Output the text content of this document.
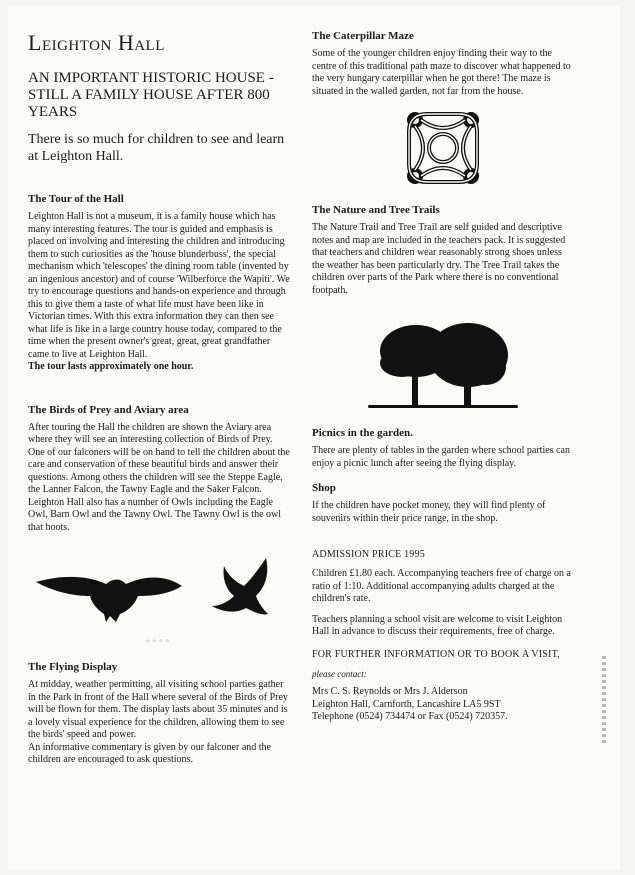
Leighton Hall
AN IMPORTANT HISTORIC HOUSE - STILL A FAMILY HOUSE AFTER 800 YEARS
There is so much for children to see and learn at Leighton Hall.
The Tour of the Hall

Leighton Hall is not a museum, it is a family house which has many interesting features. The tour is guided and emphasis is placed on involving and interesting the children and introducing them to such curiosities as the 'house blunderbuss', the special mechanism which 'telescopes' the dining room table (invented by an ingenious ancestor) and of course 'Wilberforce the Wapiti'. We try to encourage questions and hands-on experience and through this to give them a taste of what life must have been like in Victorian times. With this extra information they can then see what life is like in a large country house today, compared to the time when the present owner's great, great, great grandfather came to live at Leighton Hall.

The tour lasts approximately one hour.

The Birds of Prey and Aviary area

After touring the Hall the children are shown the Aviary area where they will see an interesting collection of Birds of Prey. One of our falconers will be on hand to tell the children about the care and conservation of these beautiful birds and answer their questions. Among others the children will see the Steppe Eagle, the Lanner Falcon, the Tawny Eagle and the Saker Falcon. Leighton Hall also has a number of Owls including the Eagle Owl, Barn Owl and the Tawny Owl. The Tawny Owl is the owl that hoots.

◦◦◦◦
The Flying Display

At midday, weather permitting, all visiting school parties gather in the Park in front of the Hall where several of the Birds of Prey will be flown for them. The display lasts about 35 minutes and is a lovely visual experience for the children, allowing them to see the birds' speed and power.

An informative commentary is given by our falconer and the children are encouraged to ask questions.

The Caterpillar Maze

Some of the younger children enjoy finding their way to the centre of this traditional path maze to discover what happened to the very hungary caterpillar when he got there! The maze is situated in the walled garden, not far from the house.

The Nature and Tree Trails

The Nature Trail and Tree Trail are self guided and descriptive notes and map are included in the teachers pack. It is suggested that teachers and children wear reasonably strong shoes unless the weather has been particularly dry. The Tree Trail takes the children over parts of the Park where there is no conventional footpath.

Picnics in the garden.

There are plenty of tables in the garden where school parties can enjoy a picnic lunch after seeing the flying display.

Shop

If the children have pocket money, they will find plenty of souvenirs within their price range, in the shop.

ADMISSION PRICE 1995

Children £1.80 each. Accompanying teachers free of charge on a ratio of 1:10. Additional accompanying adults charged at the children's rate.

Teachers planning a school visit are welcome to visit Leighton Hall in advance to discuss their requirements, free of charge.

FOR FURTHER INFORMATION OR TO BOOK A VISIT,

please contact:

Mrs C. S. Reynolds or Mrs J. Alderson

Leighton Hall, Carnforth, Lancashire LA5 9ST

Telephone (0524) 734474 or Fax (0524) 720357.
